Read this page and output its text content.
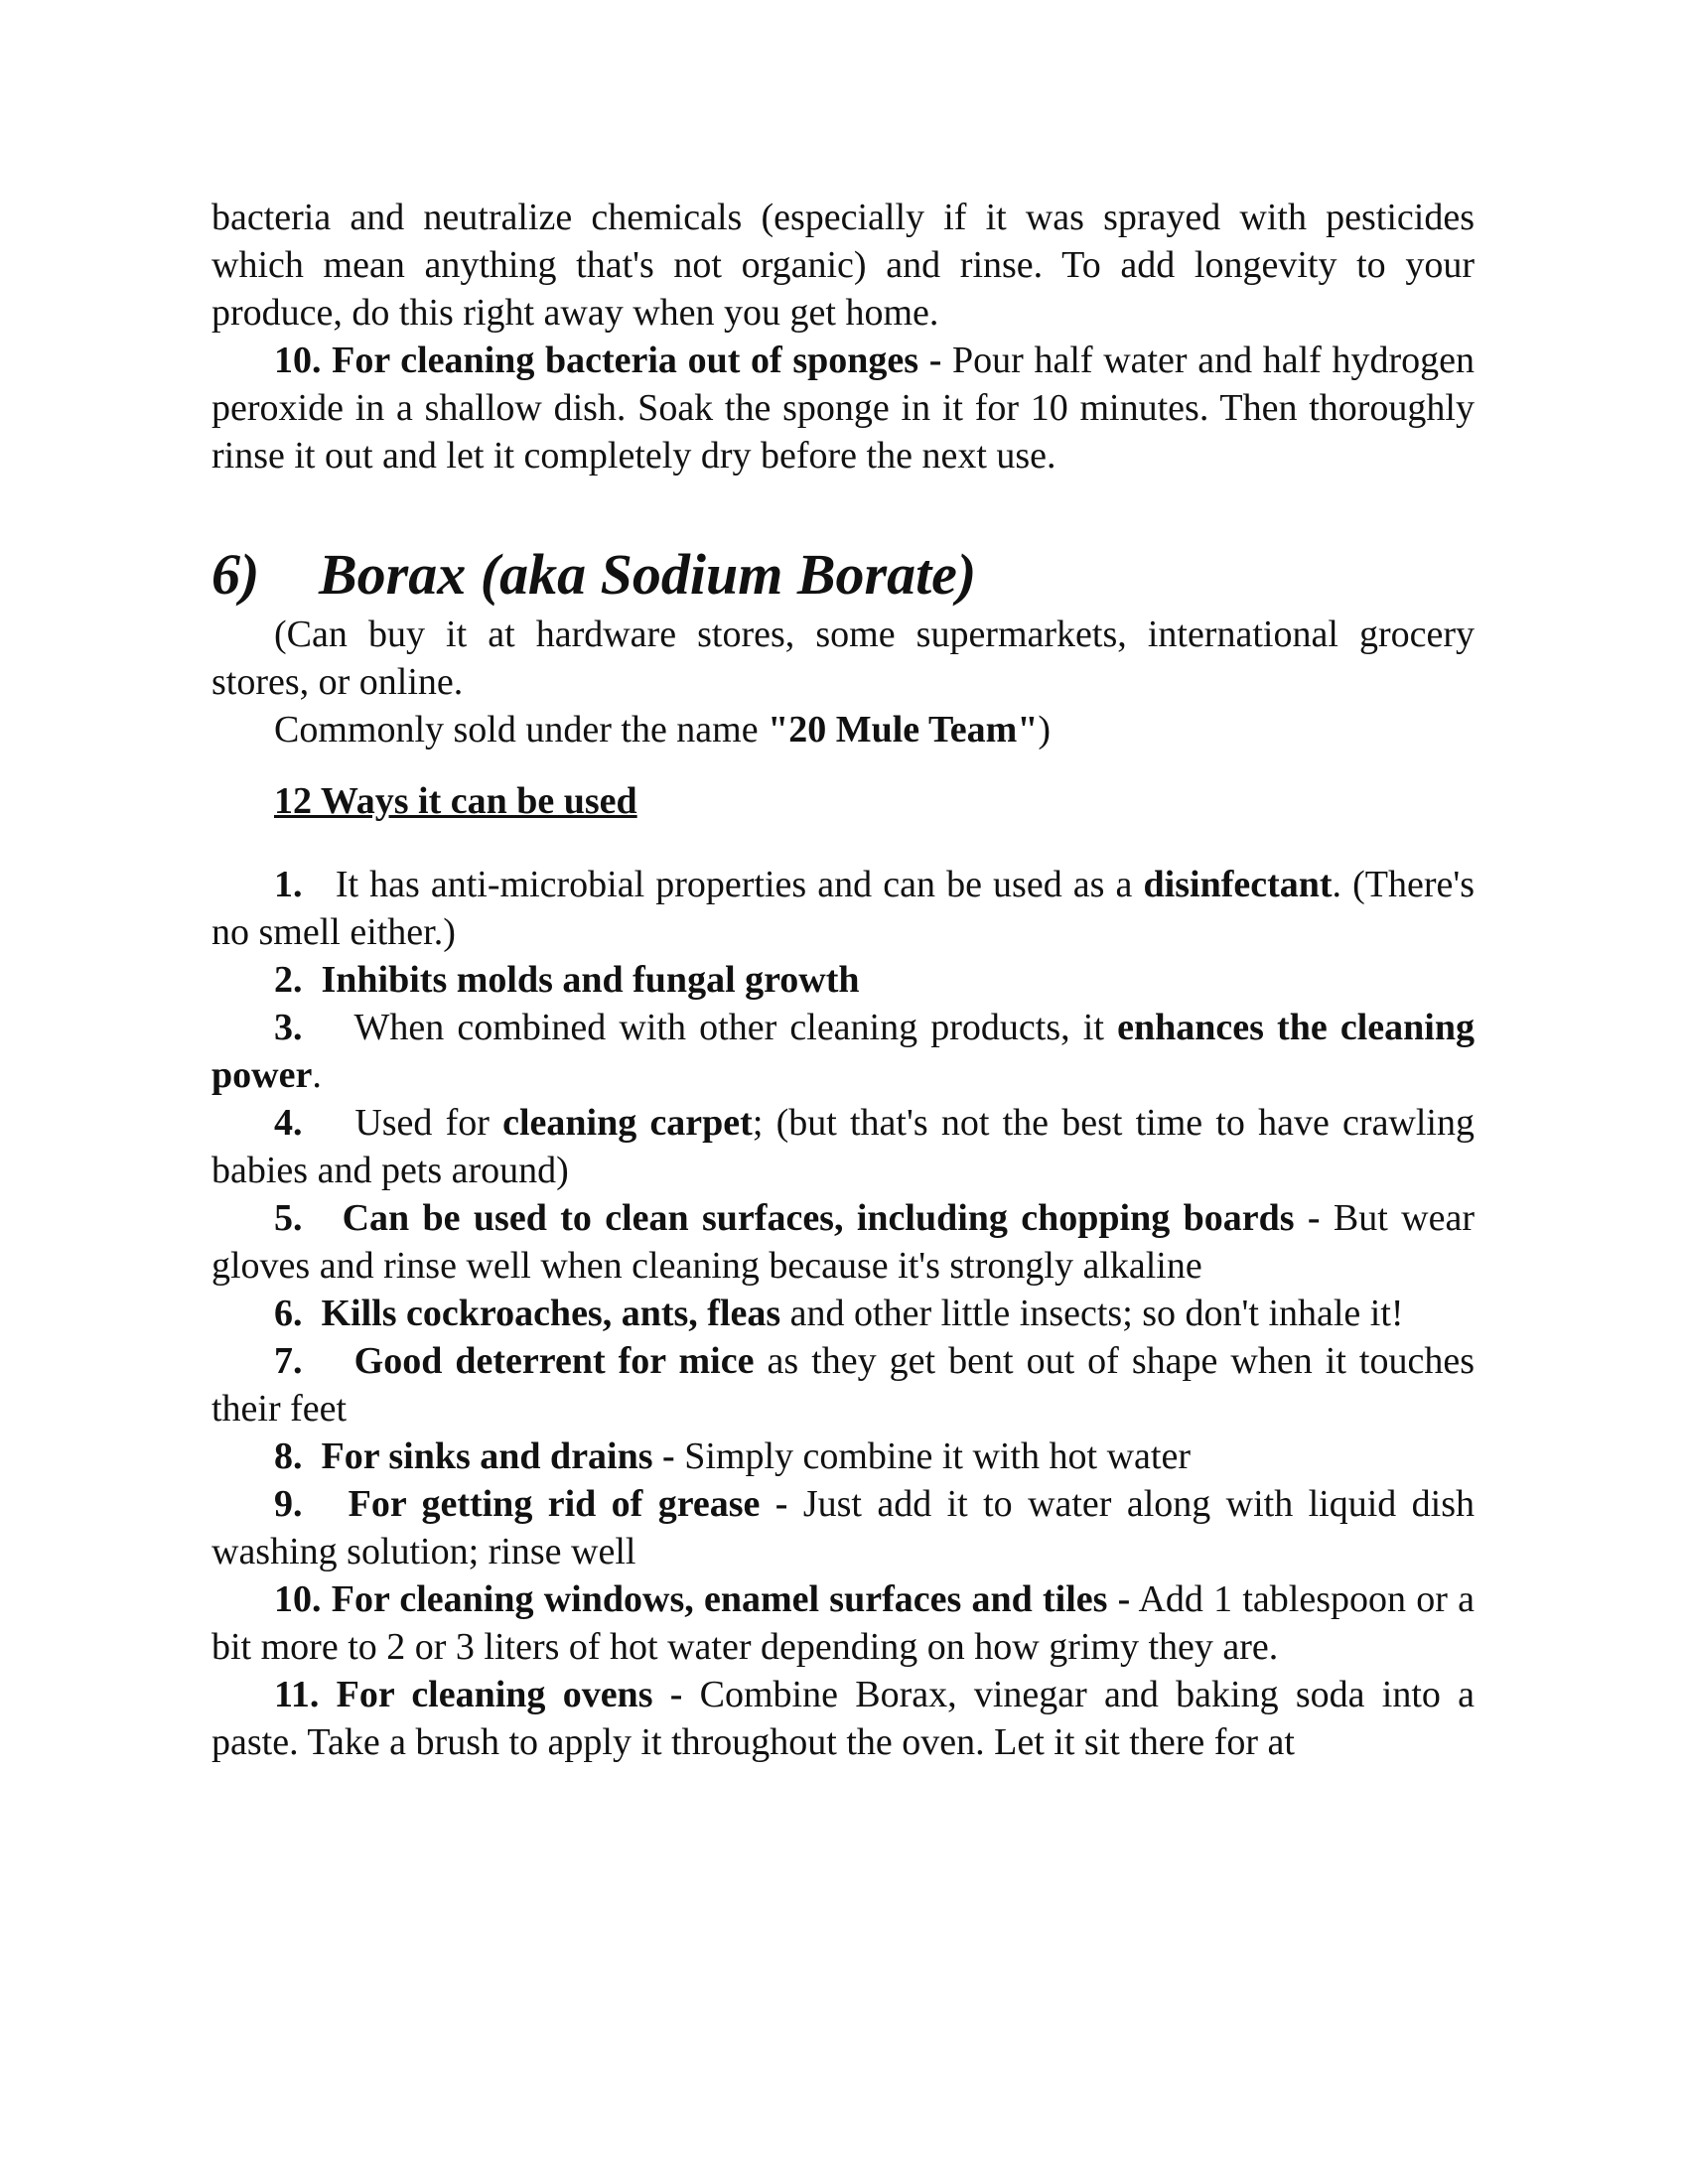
bacteria and neutralize chemicals (especially if it was sprayed with pesticides which mean anything that's not organic) and rinse. To add longevity to your produce, do this right away when you get home.

10. For cleaning bacteria out of sponges - Pour half water and half hydrogen peroxide in a shallow dish. Soak the sponge in it for 10 minutes. Then thoroughly rinse it out and let it completely dry before the next use.

6) Borax (aka Sodium Borate)

(Can buy it at hardware stores, some supermarkets, international grocery stores, or online.

Commonly sold under the name "20 Mule Team")

12 Ways it can be used

1. It has anti-microbial properties and can be used as a disinfectant. (There's no smell either.)

2. Inhibits molds and fungal growth

3. When combined with other cleaning products, it enhances the cleaning power.

4. Used for cleaning carpet; (but that's not the best time to have crawling babies and pets around)

5. Can be used to clean surfaces, including chopping boards - But wear gloves and rinse well when cleaning because it's strongly alkaline

6. Kills cockroaches, ants, fleas and other little insects; so don't inhale it!

7. Good deterrent for mice as they get bent out of shape when it touches their feet

8. For sinks and drains - Simply combine it with hot water

9. For getting rid of grease - Just add it to water along with liquid dish washing solution; rinse well

10. For cleaning windows, enamel surfaces and tiles - Add 1 tablespoon or a bit more to 2 or 3 liters of hot water depending on how grimy they are.

11. For cleaning ovens - Combine Borax, vinegar and baking soda into a paste. Take a brush to apply it throughout the oven. Let it sit there for at
